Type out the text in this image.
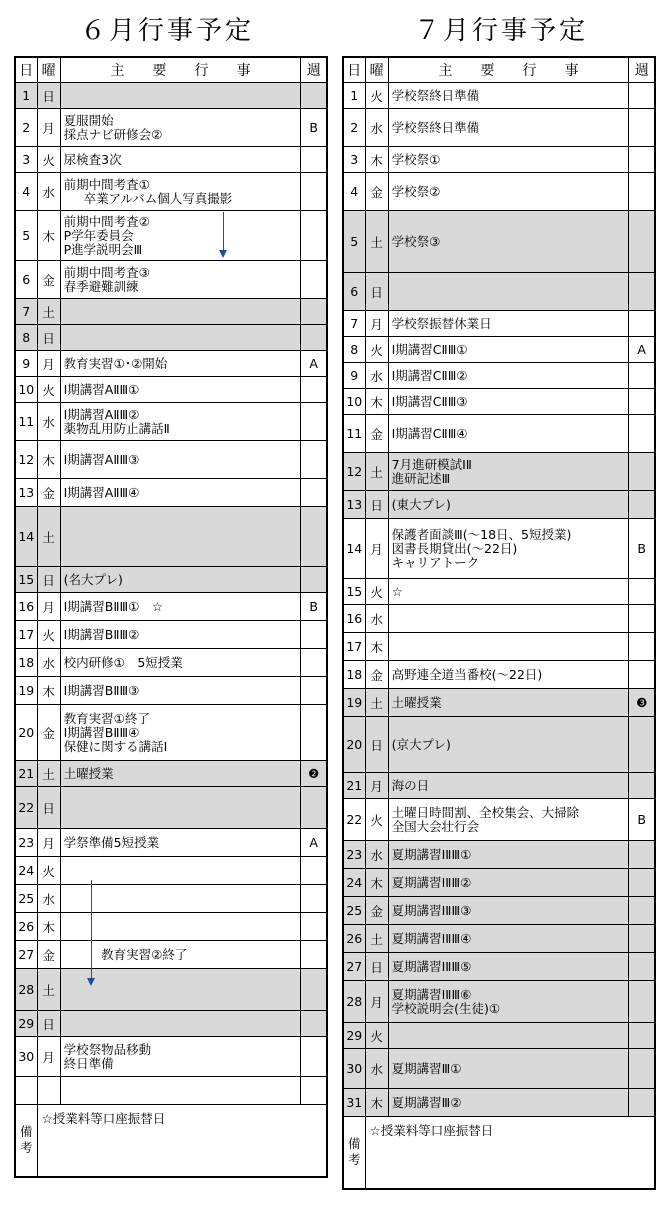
６月行事予定
日	曜	主　　要　　行　　事	週
1	日		
2	月	夏服開始
採点ナビ研修会②	B
3	火	尿検査3次	

4	水	前期中間考査①
卒業アルバム個人写真撮影	

5	木	前期中間考査②
P学年委員会
P進学説明会Ⅲ	

6	金	前期中間考査③
春季避難訓練	

7	土		
8	日		
9	月	教育実習①･②開始	A
10	火	Ⅰ期講習AⅡⅢ①	

11	水	Ⅰ期講習AⅡⅢ②
薬物乱用防止講話Ⅱ	

12	木	Ⅰ期講習AⅡⅢ③	

13	金	Ⅰ期講習AⅡⅢ④	

14	土		
15	日	(名大プレ)	

16	月	Ⅰ期講習BⅡⅢ①　☆	B
17	火	Ⅰ期講習BⅡⅢ②	

18	水	校内研修①　5短授業	

19	木	Ⅰ期講習BⅡⅢ③	

20	金	教育実習①終了
Ⅰ期講習BⅡⅢ④
保健に関する講話Ⅰ	

21	土	土曜授業	❷
22	日		
23	月	学祭準備5短授業	A
24	火		
25	水		
26	木		
27	金	　　　教育実習②終了	

28	土		
29	日		
30	月	学校祭物品移動
終日準備	

備考	☆授業料等口座振替日		
７月行事予定
日	曜	主　　要　　行　　事	週
1	火	学校祭終日準備	

2	水	学校祭終日準備	

3	木	学校祭①	

4	金	学校祭②	

5	土	学校祭③	

6	日		
7	月	学校祭振替休業日	

8	火	Ⅰ期講習CⅡⅢ①	A
9	水	Ⅰ期講習CⅡⅢ②	

10	木	Ⅰ期講習CⅡⅢ③	

11	金	Ⅰ期講習CⅡⅢ④	

12	土	7月進研模試ⅠⅡ
進研記述Ⅲ	

13	日	(東大プレ)	

14	月	保護者面談Ⅲ(～18日、5短授業)
図書長期貸出(～22日)
キャリアトーク	B
15	火	☆	

16	水		
17	木		
18	金	高野連全道当番校(～22日)	

19	土	土曜授業	❸
20	日	(京大プレ)	

21	月	海の日	

22	火	土曜日時間割、全校集会、大掃除
全国大会壮行会	B
23	水	夏期講習ⅠⅡⅢ①	

24	木	夏期講習ⅠⅡⅢ②	

25	金	夏期講習ⅠⅡⅢ③	

26	土	夏期講習ⅠⅡⅢ④	

27	日	夏期講習ⅠⅡⅢ⑤	

28	月	夏期講習ⅠⅡⅢ⑥
学校説明会(生徒)①	

29	火		
30	水	夏期講習Ⅲ①	

31	木	夏期講習Ⅲ②	

備考	☆授業料等口座振替日		
